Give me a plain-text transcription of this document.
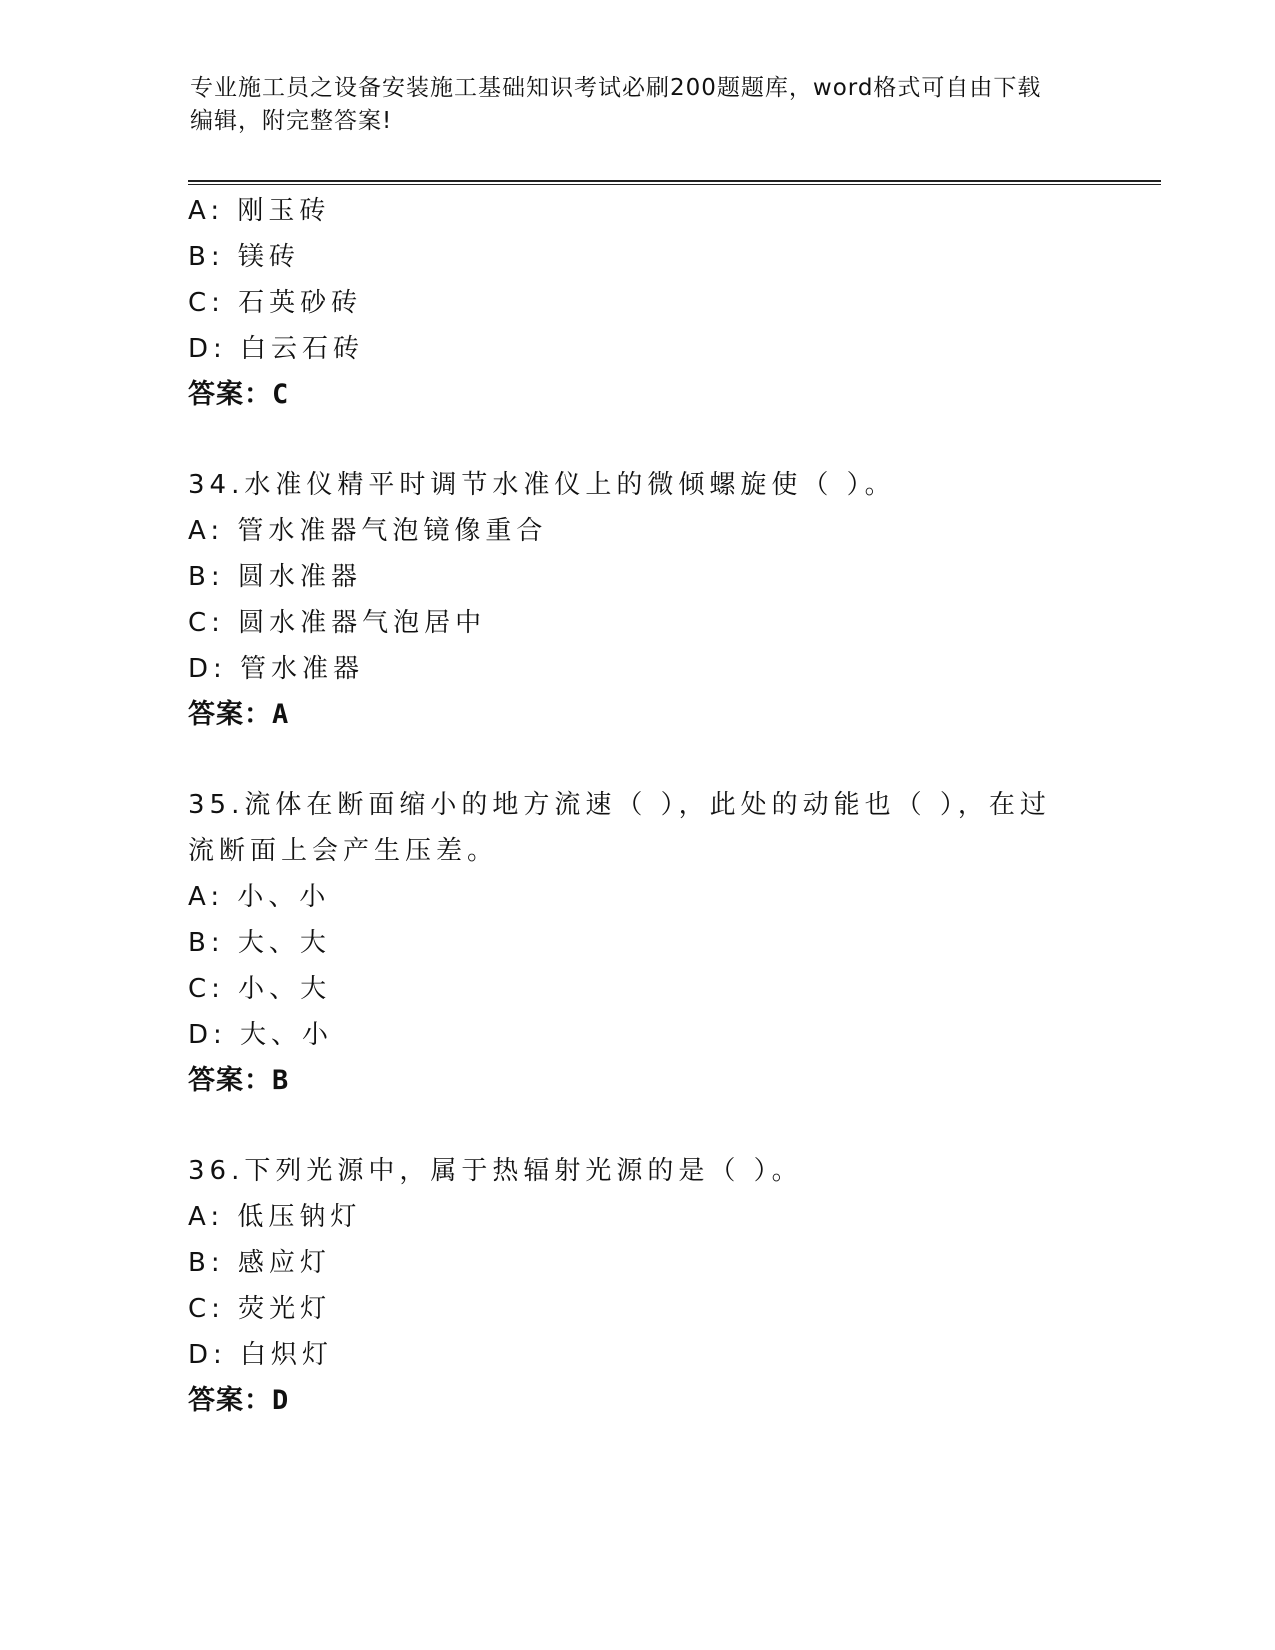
专业施工员之设备安装施工基础知识考试必刷200题题库，word格式可自由下载
编辑，附完整答案!
A: 刚玉砖
B: 镁砖
C: 石英砂砖
D: 白云石砖
答案：C
34.水准仪精平时调节水准仪上的微倾螺旋使（ ）。
A: 管水准器气泡镜像重合
B: 圆水准器
C: 圆水准器气泡居中
D: 管水准器
答案：A
35.流体在断面缩小的地方流速（ ），此处的动能也（ ），在过流断面上会产生压差。
A: 小、小
B: 大、大
C: 小、大
D: 大、小
答案：B
36.下列光源中，属于热辐射光源的是（ ）。
A: 低压钠灯
B: 感应灯
C: 荧光灯
D: 白炽灯
答案：D
